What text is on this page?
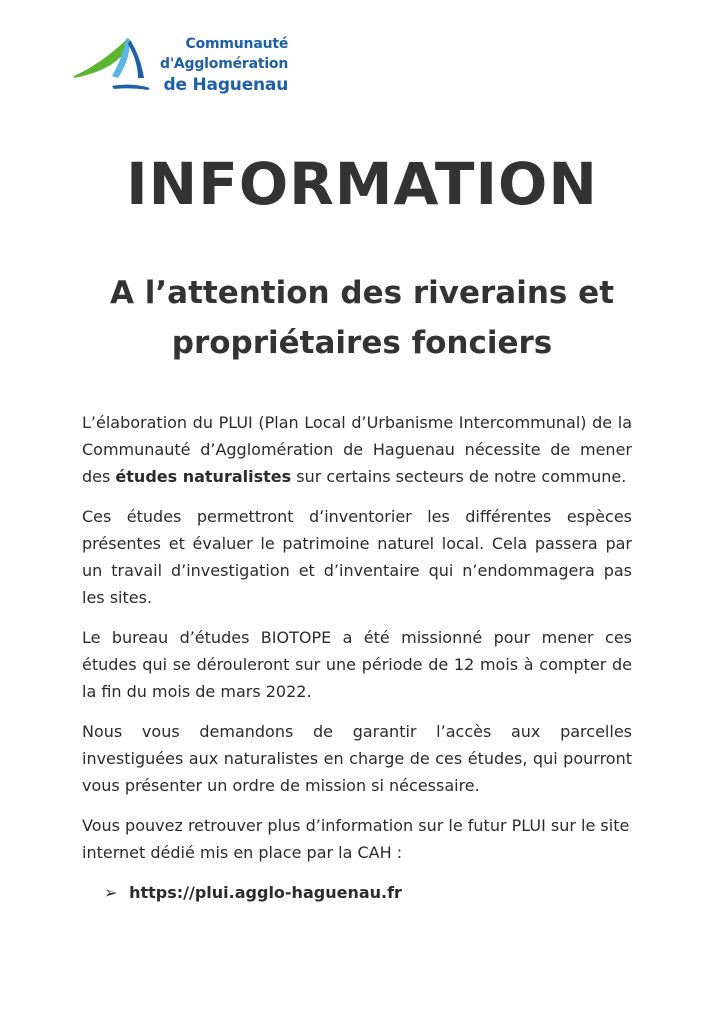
Communauté
d'Agglomération
de Haguenau
INFORMATION
A l’attention des riverains et
propriétaires fonciers

L’élaboration du PLUI (Plan Local d’Urbanisme Intercommunal) de la Communauté d’Agglomération de Haguenau nécessite de mener des études naturalistes sur certains secteurs de notre commune.

Ces études permettront d’inventorier les différentes espèces présentes et évaluer le patrimoine naturel local. Cela passera par un travail d’investigation et d’inventaire qui n’endommagera pas les sites.

Le bureau d’études BIOTOPE a été missionné pour mener ces études qui se dérouleront sur une période de 12 mois à compter de la fin du mois de mars 2022.

Nous vous demandons de garantir l’accès aux parcelles investiguées aux naturalistes en charge de ces études, qui pourront vous présenter un ordre de mission si nécessaire.

Vous pouvez retrouver plus d’information sur le futur PLUI sur le site internet dédié mis en place par la CAH :

➢ https://plui.agglo-haguenau.fr
